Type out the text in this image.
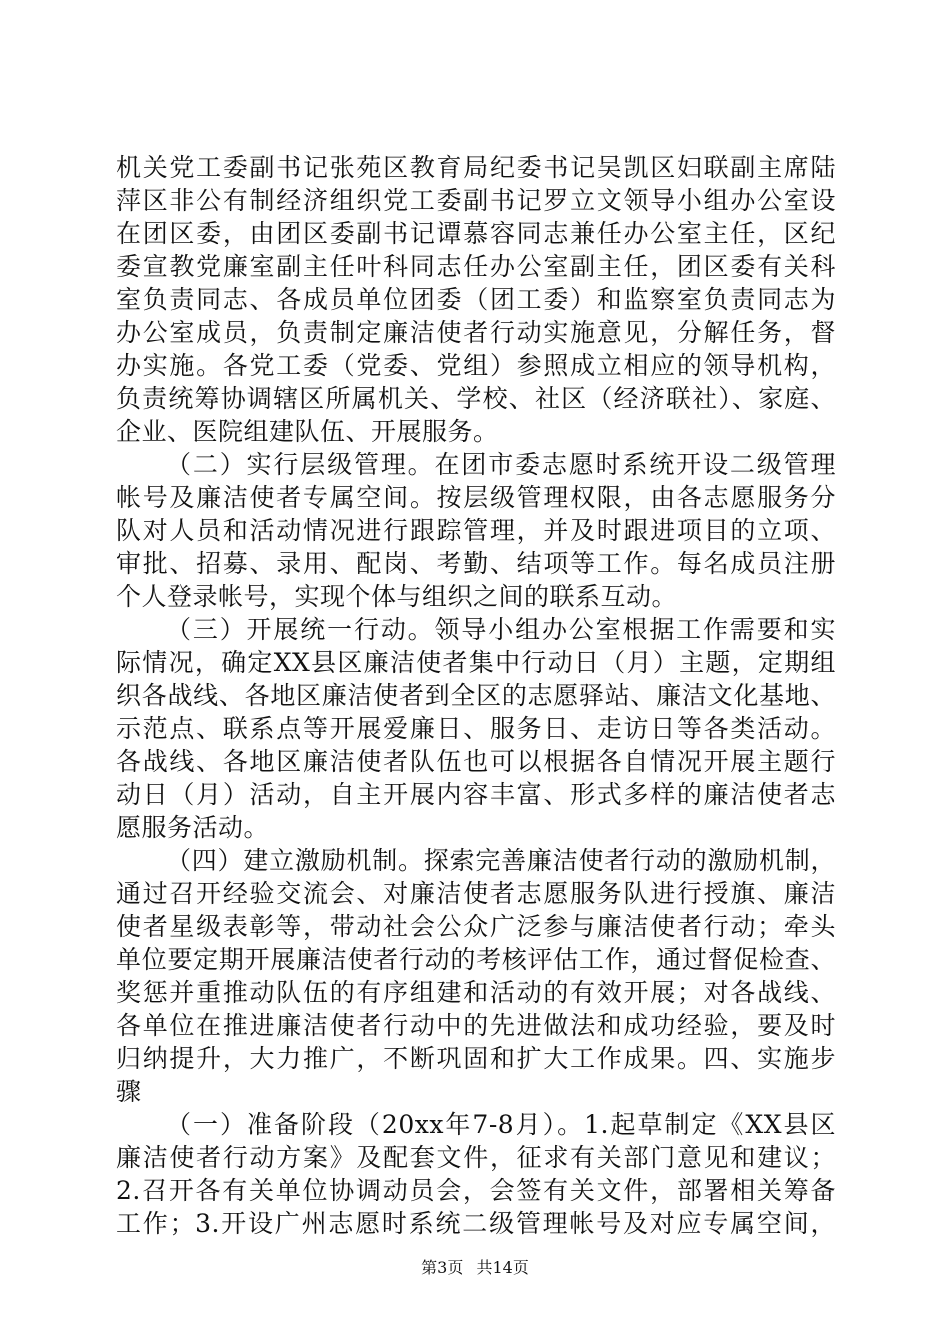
机关党工委副书记张苑区教育局纪委书记吴凯区妇联副主席陆
萍区非公有制经济组织党工委副书记罗立文领导小组办公室设
在团区委，由团区委副书记谭慕容同志兼任办公室主任，区纪
委宣教党廉室副主任叶科同志任办公室副主任，团区委有关科
室负责同志、各成员单位团委（团工委）和监察室负责同志为
办公室成员，负责制定廉洁使者行动实施意见，分解任务，督
办实施。各党工委（党委、党组）参照成立相应的领导机构，
负责统筹协调辖区所属机关、学校、社区（经济联社）、家庭、
企业、医院组建队伍、开展服务。
（二）实行层级管理。在团市委志愿时系统开设二级管理
帐号及廉洁使者专属空间。按层级管理权限，由各志愿服务分
队对人员和活动情况进行跟踪管理，并及时跟进项目的立项、
审批、招募、录用、配岗、考勤、结项等工作。每名成员注册
个人登录帐号，实现个体与组织之间的联系互动。
（三）开展统一行动。领导小组办公室根据工作需要和实
际情况，确定XX县区廉洁使者集中行动日（月）主题，定期组
织各战线、各地区廉洁使者到全区的志愿驿站、廉洁文化基地、
示范点、联系点等开展爱廉日、服务日、走访日等各类活动。
各战线、各地区廉洁使者队伍也可以根据各自情况开展主题行
动日（月）活动，自主开展内容丰富、形式多样的廉洁使者志
愿服务活动。
（四）建立激励机制。探索完善廉洁使者行动的激励机制，
通过召开经验交流会、对廉洁使者志愿服务队进行授旗、廉洁
使者星级表彰等，带动社会公众广泛参与廉洁使者行动；牵头
单位要定期开展廉洁使者行动的考核评估工作，通过督促检查、
奖惩并重推动队伍的有序组建和活动的有效开展；对各战线、
各单位在推进廉洁使者行动中的先进做法和成功经验，要及时
归纳提升，大力推广，不断巩固和扩大工作成果。四、实施步
骤
（一）准备阶段（20xx年7-8月）。1.起草制定《XX县区
廉洁使者行动方案》及配套文件，征求有关部门意见和建议；
2.召开各有关单位协调动员会，会签有关文件，部署相关筹备
工作；3.开设广州志愿时系统二级管理帐号及对应专属空间，
第3页 共14页
